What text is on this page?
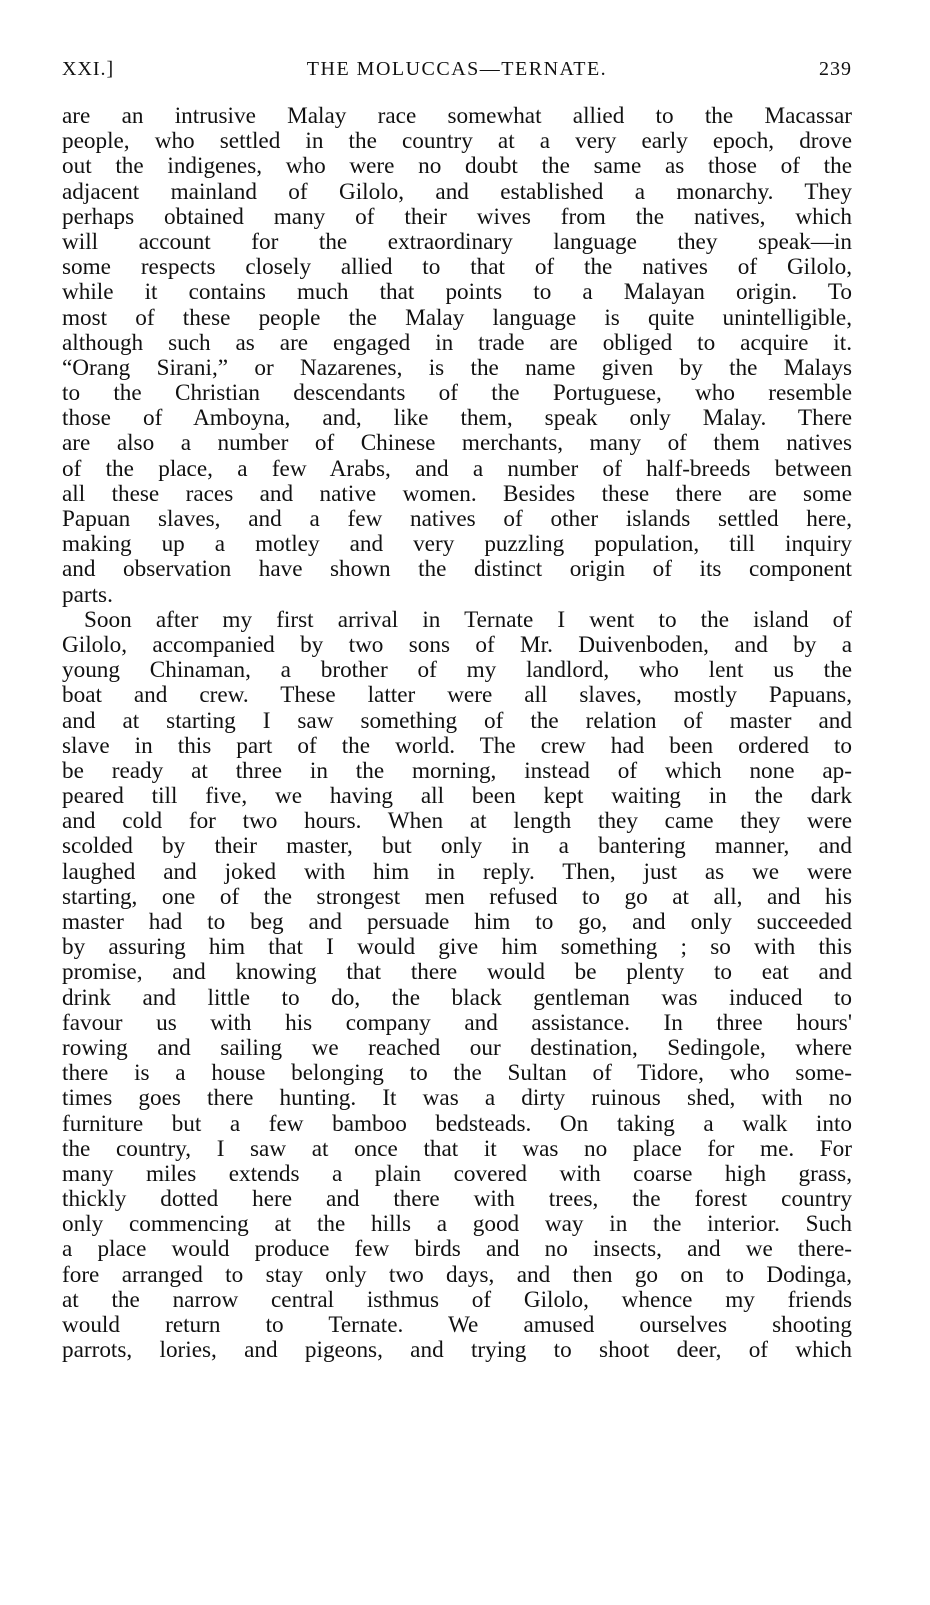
XXI.]	THE MOLUCCAS—TERNATE.	239
are an intrusive Malay race somewhat allied to the Macassar
people, who settled in the country at a very early epoch, drove
out the indigenes, who were no doubt the same as those of the
adjacent mainland of Gilolo, and established a monarchy. They
perhaps obtained many of their wives from the natives, which
will account for the extraordinary language they speak—in
some respects closely allied to that of the natives of Gilolo,
while it contains much that points to a Malayan origin. To
most of these people the Malay language is quite unintelligible,
although such as are engaged in trade are obliged to acquire it.
“Orang Sirani,” or Nazarenes, is the name given by the Malays
to the Christian descendants of the Portuguese, who resemble
those of Amboyna, and, like them, speak only Malay. There
are also a number of Chinese merchants, many of them natives
of the place, a few Arabs, and a number of half-breeds between
all these races and native women. Besides these there are some
Papuan slaves, and a few natives of other islands settled here,
making up a motley and very puzzling population, till inquiry
and observation have shown the distinct origin of its component
parts.
Soon after my first arrival in Ternate I went to the island of
Gilolo, accompanied by two sons of Mr. Duivenboden, and by a
young Chinaman, a brother of my landlord, who lent us the
boat and crew. These latter were all slaves, mostly Papuans,
and at starting I saw something of the relation of master and
slave in this part of the world. The crew had been ordered to
be ready at three in the morning, instead of which none ap-
peared till five, we having all been kept waiting in the dark
and cold for two hours. When at length they came they were
scolded by their master, but only in a bantering manner, and
laughed and joked with him in reply. Then, just as we were
starting, one of the strongest men refused to go at all, and his
master had to beg and persuade him to go, and only succeeded
by assuring him that I would give him something ; so with this
promise, and knowing that there would be plenty to eat and
drink and little to do, the black gentleman was induced to
favour us with his company and assistance. In three hours'
rowing and sailing we reached our destination, Sedingole, where
there is a house belonging to the Sultan of Tidore, who some-
times goes there hunting. It was a dirty ruinous shed, with no
furniture but a few bamboo bedsteads. On taking a walk into
the country, I saw at once that it was no place for me. For
many miles extends a plain covered with coarse high grass,
thickly dotted here and there with trees, the forest country
only commencing at the hills a good way in the interior. Such
a place would produce few birds and no insects, and we there-
fore arranged to stay only two days, and then go on to Dodinga,
at the narrow central isthmus of Gilolo, whence my friends
would return to Ternate. We amused ourselves shooting
parrots, lories, and pigeons, and trying to shoot deer, of which
